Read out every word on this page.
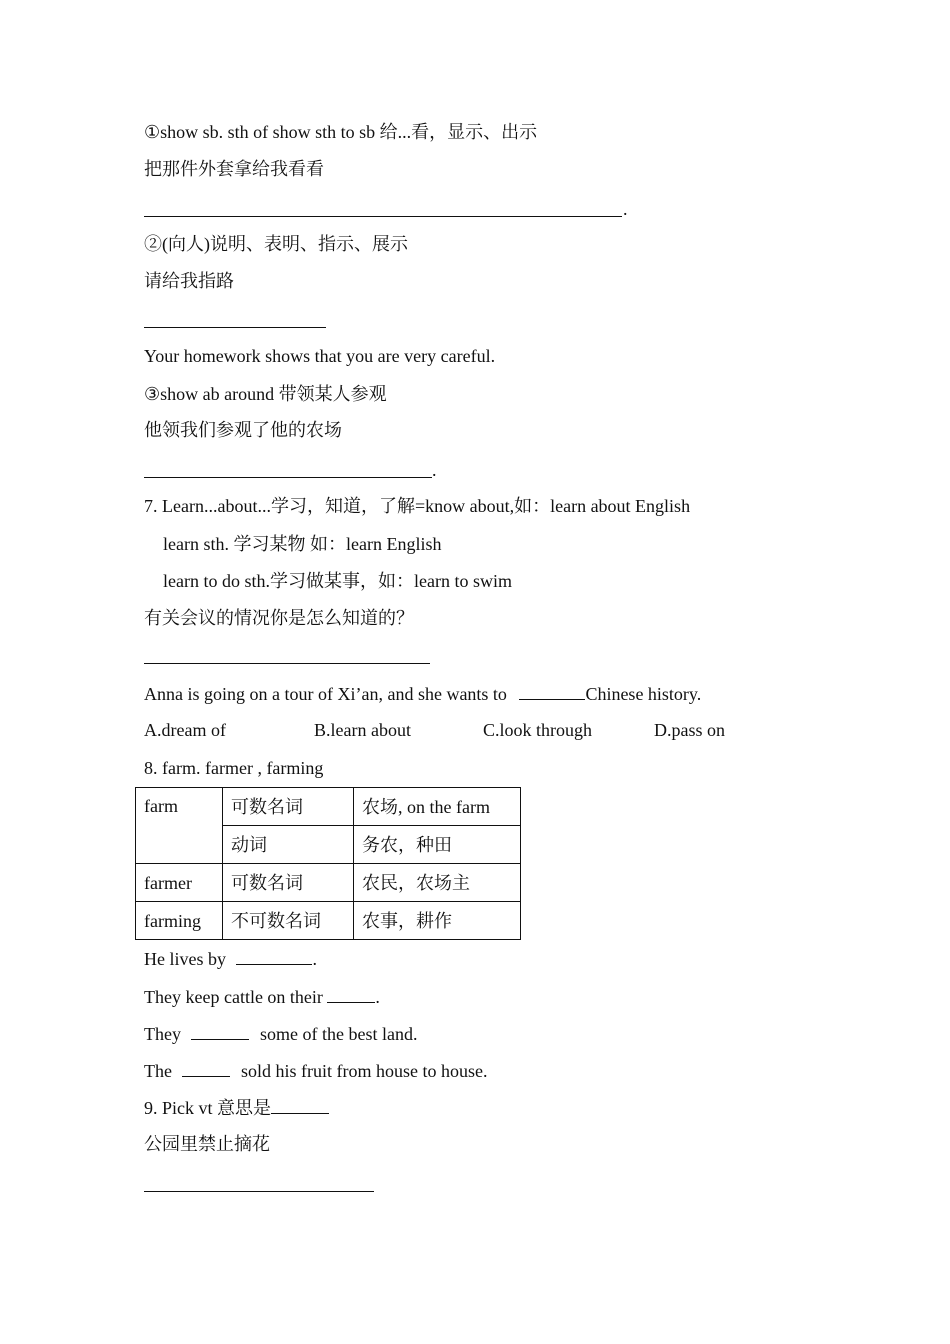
①show sb. sth of show sth to sb 给...看，显示、出示
把那件外套拿给我看看
.
②(向人)说明、表明、指示、展示
请给我指路
Your homework shows that you are very careful.
③show ab around 带领某人参观
他领我们参观了他的农场
.
7. Learn...about...学习，知道，了解=know about,如：learn about English
learn sth. 学习某物 如：learn English
learn to do sth.学习做某事，如：learn to swim
有关会议的情况你是怎么知道的？
Anna is going on a tour of Xi’an, and she wants to	Chinese history.
A.dream of	B.learn about	C.look through	D.pass on
8. farm. farmer , farming
farm	可数名词	农场, on the farm
	动词	务农，种田
farmer	可数名词	农民，农场主
farming	不可数名词	农事，耕作
He lives by	.
They keep cattle on their	.
They	some of the best land.
The	sold his fruit from house to house.
9. Pick vt 意思是
公园里禁止摘花
